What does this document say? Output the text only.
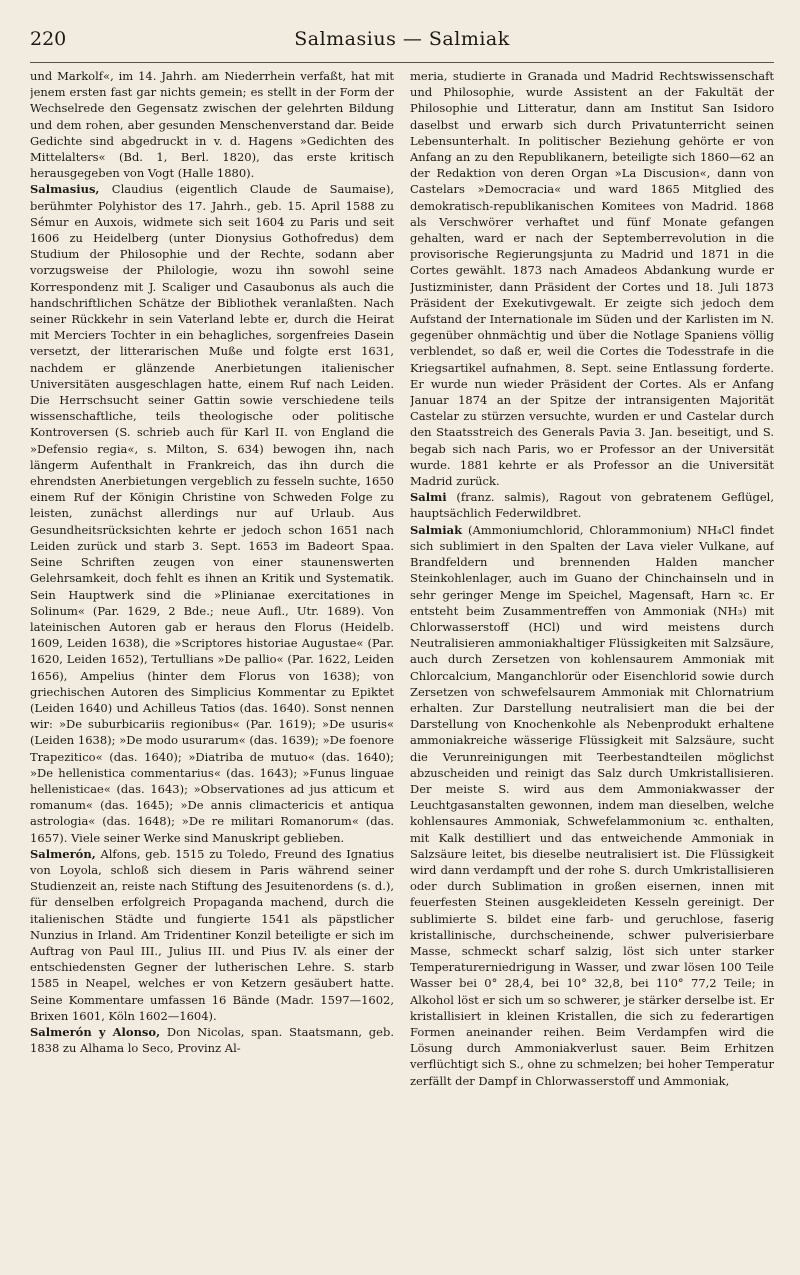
220	Salmasius — Salmiak

und Markolf«, im 14. Jahrh. am Niederrhein verfaßt, hat mit jenem ersten fast gar nichts gemein; es stellt in der Form der Wechselrede den Gegensatz zwischen der gelehrten Bildung und dem rohen, aber gesunden Menschenverstand dar. Beide Gedichte sind abgedruckt in v. d. Hagens »Gedichten des Mittelalters« (Bd. 1, Berl. 1820), das erste kritisch herausgegeben von Vogt (Halle 1880).

Salmasius, Claudius (eigentlich Claude de Saumaise), berühmter Polyhistor des 17. Jahrh., geb. 15. April 1588 zu Sémur en Auxois, widmete sich seit 1604 zu Paris und seit 1606 zu Heidelberg (unter Dionysius Gothofredus) dem Studium der Philosophie und der Rechte, sodann aber vorzugsweise der Philologie, wozu ihn sowohl seine Korrespondenz mit J. Scaliger und Casaubonus als auch die handschriftlichen Schätze der Bibliothek veranlaßten. Nach seiner Rückkehr in sein Vaterland lebte er, durch die Heirat mit Merciers Tochter in ein behagliches, sorgenfreies Dasein versetzt, der litterarischen Muße und folgte erst 1631, nachdem er glänzende Anerbietungen italienischer Universitäten ausgeschlagen hatte, einem Ruf nach Leiden. Die Herrschsucht seiner Gattin sowie verschiedene teils wissenschaftliche, teils theologische oder politische Kontroversen (S. schrieb auch für Karl II. von England die »Defensio regia«, s. Milton, S. 634) bewogen ihn, nach längerm Aufenthalt in Frankreich, das ihn durch die ehrendsten Anerbietungen vergeblich zu fesseln suchte, 1650 einem Ruf der Königin Christine von Schweden Folge zu leisten, zunächst allerdings nur auf Urlaub. Aus Gesundheitsrücksichten kehrte er jedoch schon 1651 nach Leiden zurück und starb 3. Sept. 1653 im Badeort Spaa. Seine Schriften zeugen von einer staunenswerten Gelehrsamkeit, doch fehlt es ihnen an Kritik und Systematik. Sein Hauptwerk sind die »Plinianae exercitationes in Solinum« (Par. 1629, 2 Bde.; neue Aufl., Utr. 1689). Von lateinischen Autoren gab er heraus den Florus (Heidelb. 1609, Leiden 1638), die »Scriptores historiae Augustae« (Par. 1620, Leiden 1652), Tertullians »De pallio« (Par. 1622, Leiden 1656), Ampelius (hinter dem Florus von 1638); von griechischen Autoren des Simplicius Kommentar zu Epiktet (Leiden 1640) und Achilleus Tatios (das. 1640). Sonst nennen wir: »De suburbicariis regionibus« (Par. 1619); »De usuris« (Leiden 1638); »De modo usurarum« (das. 1639); »De foenore Trapezitico« (das. 1640); »Diatriba de mutuo« (das. 1640); »De hellenistica commentarius« (das. 1643); »Funus linguae hellenisticae« (das. 1643); »Observationes ad jus atticum et romanum« (das. 1645); »De annis climactericis et antiqua astrologia« (das. 1648); »De re militari Romanorum« (das. 1657). Viele seiner Werke sind Manuskript geblieben.

Salmerón, Alfons, geb. 1515 zu Toledo, Freund des Ignatius von Loyola, schloß sich diesem in Paris während seiner Studienzeit an, reiste nach Stiftung des Jesuitenordens (s. d.), für denselben erfolgreich Propaganda machend, durch die italienischen Städte und fungierte 1541 als päpstlicher Nunzius in Irland. Am Tridentiner Konzil beteiligte er sich im Auftrag von Paul III., Julius III. und Pius IV. als einer der entschiedensten Gegner der lutherischen Lehre. S. starb 1585 in Neapel, welches er von Ketzern gesäubert hatte. Seine Kommentare umfassen 16 Bände (Madr. 1597—1602, Brixen 1601, Köln 1602—1604).

Salmerón y Alonso, Don Nicolas, span. Staatsmann, geb. 1838 zu Alhama lo Seco, Provinz Al-

meria, studierte in Granada und Madrid Rechtswissenschaft und Philosophie, wurde Assistent an der Fakultät der Philosophie und Litteratur, dann am Institut San Isidoro daselbst und erwarb sich durch Privatunterricht seinen Lebensunterhalt. In politischer Beziehung gehörte er von Anfang an zu den Republikanern, beteiligte sich 1860—62 an der Redaktion von deren Organ »La Discusion«, dann von Castelars »Democracia« und ward 1865 Mitglied des demokratisch-republikanischen Komitees von Madrid. 1868 als Verschwörer verhaftet und fünf Monate gefangen gehalten, ward er nach der Septemberrevolution in die provisorische Regierungsjunta zu Madrid und 1871 in die Cortes gewählt. 1873 nach Amadeos Abdankung wurde er Justizminister, dann Präsident der Cortes und 18. Juli 1873 Präsident der Exekutivgewalt. Er zeigte sich jedoch dem Aufstand der Internationale im Süden und der Karlisten im N. gegenüber ohnmächtig und über die Notlage Spaniens völlig verblendet, so daß er, weil die Cortes die Todesstrafe in die Kriegsartikel aufnahmen, 8. Sept. seine Entlassung forderte. Er wurde nun wieder Präsident der Cortes. Als er Anfang Januar 1874 an der Spitze der intransigenten Majorität Castelar zu stürzen versuchte, wurden er und Castelar durch den Staatsstreich des Generals Pavia 3. Jan. beseitigt, und S. begab sich nach Paris, wo er Professor an der Universität wurde. 1881 kehrte er als Professor an die Universität Madrid zurück.

Salmi (franz. salmis), Ragout von gebratenem Geflügel, hauptsächlich Federwildbret.

Salmiak (Ammoniumchlorid, Chlorammonium) NH₄Cl findet sich sublimiert in den Spalten der Lava vieler Vulkane, auf Brandfeldern und brennenden Halden mancher Steinkohlenlager, auch im Guano der Chinchainseln und in sehr geringer Menge im Speichel, Magensaft, Harn ꝛc. Er entsteht beim Zusammentreffen von Ammoniak (NH₃) mit Chlorwasserstoff (HCl) und wird meistens durch Neutralisieren ammoniakhaltiger Flüssigkeiten mit Salzsäure, auch durch Zersetzen von kohlensaurem Ammoniak mit Chlorcalcium, Manganchlorür oder Eisenchlorid sowie durch Zersetzen von schwefelsaurem Ammoniak mit Chlornatrium erhalten. Zur Darstellung neutralisiert man die bei der Darstellung von Knochenkohle als Nebenprodukt erhaltene ammoniakreiche wässerige Flüssigkeit mit Salzsäure, sucht die Verunreinigungen mit Teerbestandteilen möglichst abzuscheiden und reinigt das Salz durch Umkristallisieren. Der meiste S. wird aus dem Ammoniakwasser der Leuchtgasanstalten gewonnen, indem man dieselben, welche kohlensaures Ammoniak, Schwefelammonium ꝛc. enthalten, mit Kalk destilliert und das entweichende Ammoniak in Salzsäure leitet, bis dieselbe neutralisiert ist. Die Flüssigkeit wird dann verdampft und der rohe S. durch Umkristallisieren oder durch Sublimation in großen eisernen, innen mit feuerfesten Steinen ausgekleideten Kesseln gereinigt. Der sublimierte S. bildet eine farb- und geruchlose, faserig kristallinische, durchscheinende, schwer pulverisierbare Masse, schmeckt scharf salzig, löst sich unter starker Temperaturerniedrigung in Wasser, und zwar lösen 100 Teile Wasser bei 0° 28,4, bei 10° 32,8, bei 110° 77,2 Teile; in Alkohol löst er sich um so schwerer, je stärker derselbe ist. Er kristallisiert in kleinen Kristallen, die sich zu federartigen Formen aneinander reihen. Beim Verdampfen wird die Lösung durch Ammoniakverlust sauer. Beim Erhitzen verflüchtigt sich S., ohne zu schmelzen; bei hoher Temperatur zerfällt der Dampf in Chlorwasserstoff und Ammoniak,
